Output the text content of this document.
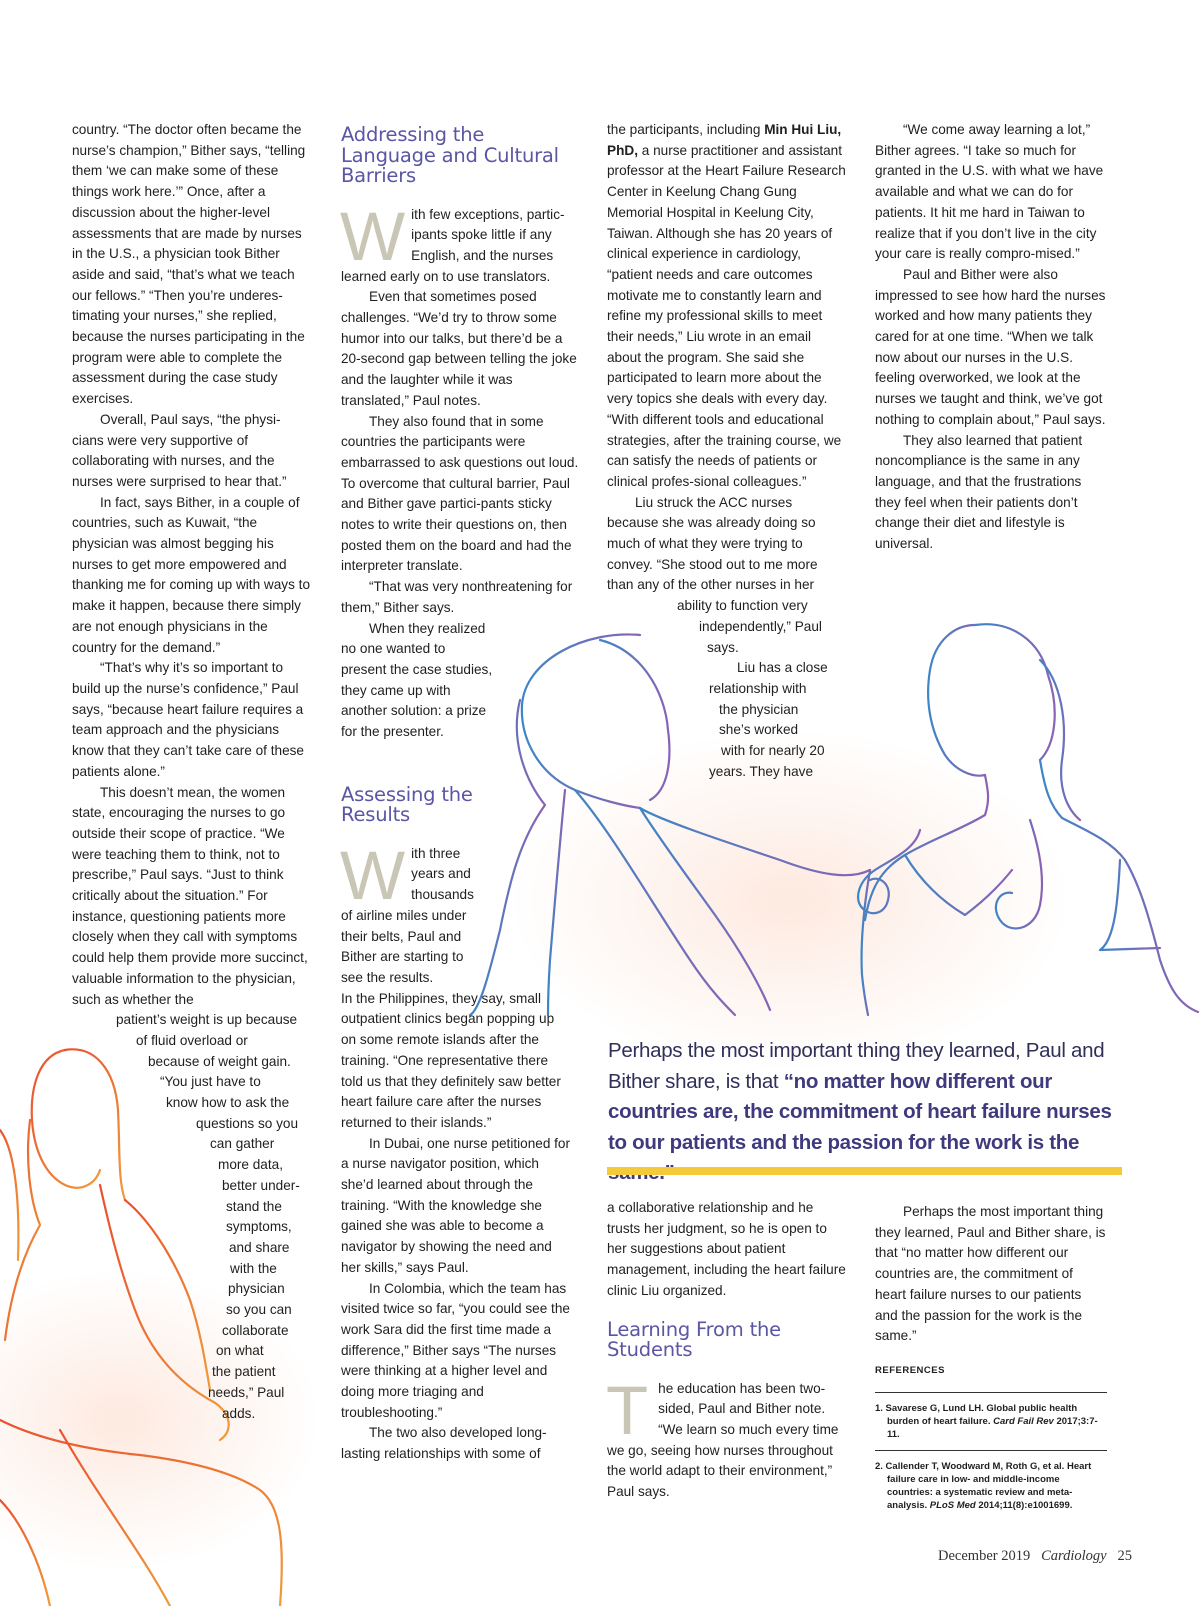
country. “The doctor often became the nurse’s champion,” Bither says, “telling them ‘we can make some of these things work here.’” Once, after a discussion about the higher-level assessments that are made by nurses in the U.S., a physician took Bither aside and said, “that’s what we teach our fellows.” “Then you’re underes-timating your nurses,” she replied, because the nurses participating in the program were able to complete the assessment during the case study exercises.

Overall, Paul says, “the physi-cians were very supportive of collaborating with nurses, and the nurses were surprised to hear that.”

In fact, says Bither, in a couple of countries, such as Kuwait, “the physician was almost begging his nurses to get more empowered and thanking me for coming up with ways to make it happen, because there simply are not enough physicians in the country for the demand.”

“That’s why it’s so important to build up the nurse’s confidence,” Paul says, “because heart failure requires a team approach and the physicians know that they can’t take care of these patients alone.”

This doesn’t mean, the women state, encouraging the nurses to go outside their scope of practice. “We were teaching them to think, not to prescribe,” Paul says. “Just to think critically about the situation.” For instance, questioning patients more closely when they call with symptoms could help them provide more succinct, valuable information to the physician, such as whether the

patient’s weight is up because
of fluid overload or
because of weight gain.
“You just have to
know how to ask the
questions so you
can gather
more data,
better under-
stand the
symptoms,
and share
with the
physician
so you can
collaborate
on what
the patient
needs,” Paul
adds.
Addressing the Language and Cultural Barriers

With few exceptions, partic-ipants spoke little if any English, and the nurses learned early on to use translators.

Even that sometimes posed challenges. “We’d try to throw some humor into our talks, but there’d be a 20-second gap between telling the joke and the laughter while it was translated,” Paul notes.

They also found that in some countries the participants were embarrassed to ask questions out loud. To overcome that cultural barrier, Paul and Bither gave partici-pants sticky notes to write their questions on, then posted them on the board and had the interpreter translate.

“That was very nonthreatening for them,” Bither says.

When they realized no one wanted to present the case studies, they came up with another solution: a prize for the presenter.

Assessing the Results

With three years and thousands of airline miles under their belts, Paul and Bither are starting to see the results.

In the Philippines, they say, small outpatient clinics began popping up on some remote islands after the training. “One representative there told us that they definitely saw better heart failure care after the nurses returned to their islands.”

In Dubai, one nurse petitioned for a nurse navigator position, which she’d learned about through the training. “With the knowledge she gained she was able to become a navigator by showing the need and her skills,” says Paul.

In Colombia, which the team has visited twice so far, “you could see the work Sara did the first time made a difference,” Bither says “The nurses were thinking at a higher level and doing more triaging and troubleshooting.”

The two also developed long-lasting relationships with some of

the participants, including Min Hui Liu, PhD, a nurse practitioner and assistant professor at the Heart Failure Research Center in Keelung Chang Gung Memorial Hospital in Keelung City, Taiwan. Although she has 20 years of clinical experience in cardiology, “patient needs and care outcomes motivate me to constantly learn and refine my professional skills to meet their needs,” Liu wrote in an email about the program. She said she participated to learn more about the very topics she deals with every day. “With different tools and educational strategies, after the training course, we can satisfy the needs of patients or clinical profes-sional colleagues.”

Liu struck the ACC nurses because she was already doing so much of what they were trying to convey. “She stood out to me more than any of the other nurses in her

ability to function very
independently,” Paul
says.
Liu has a close
relationship with
the physician
she’s worked
with for nearly 20
years. They have

a collaborative relationship and he trusts her judgment, so he is open to her suggestions about patient management, including the heart failure clinic Liu organized.

Learning From the Students

The education has been two-sided, Paul and Bither note. “We learn so much every time we go, seeing how nurses throughout the world adapt to their environment,” Paul says.

“We come away learning a lot,” Bither agrees. “I take so much for granted in the U.S. with what we have available and what we can do for patients. It hit me hard in Taiwan to realize that if you don’t live in the city your care is really compro-mised.”

Paul and Bither were also impressed to see how hard the nurses worked and how many patients they cared for at one time. “When we talk now about our nurses in the U.S. feeling overworked, we look at the nurses we taught and think, we’ve got nothing to complain about,” Paul says.

They also learned that patient noncompliance is the same in any language, and that the frustrations they feel when their patients don’t change their diet and lifestyle is universal.

Perhaps the most important thing they learned, Paul and Bither share, is that “no matter how different our countries are, the commitment of heart failure nurses to our patients and the passion for the work is the same.”

REFERENCES
1. Savarese G, Lund LH. Global public health burden of heart failure. Card Fail Rev 2017;3:7-11.
2. Callender T, Woodward M, Roth G, et al. Heart failure care in low- and middle-income countries: a systematic review and meta-analysis. PLoS Med 2014;11(8):e1001699.
Perhaps the most important thing they learned, Paul and Bither share, is that “no matter how different our countries are, the commitment of heart failure nurses to our patients and the passion for the work is the
December 2019 Cardiology 25
